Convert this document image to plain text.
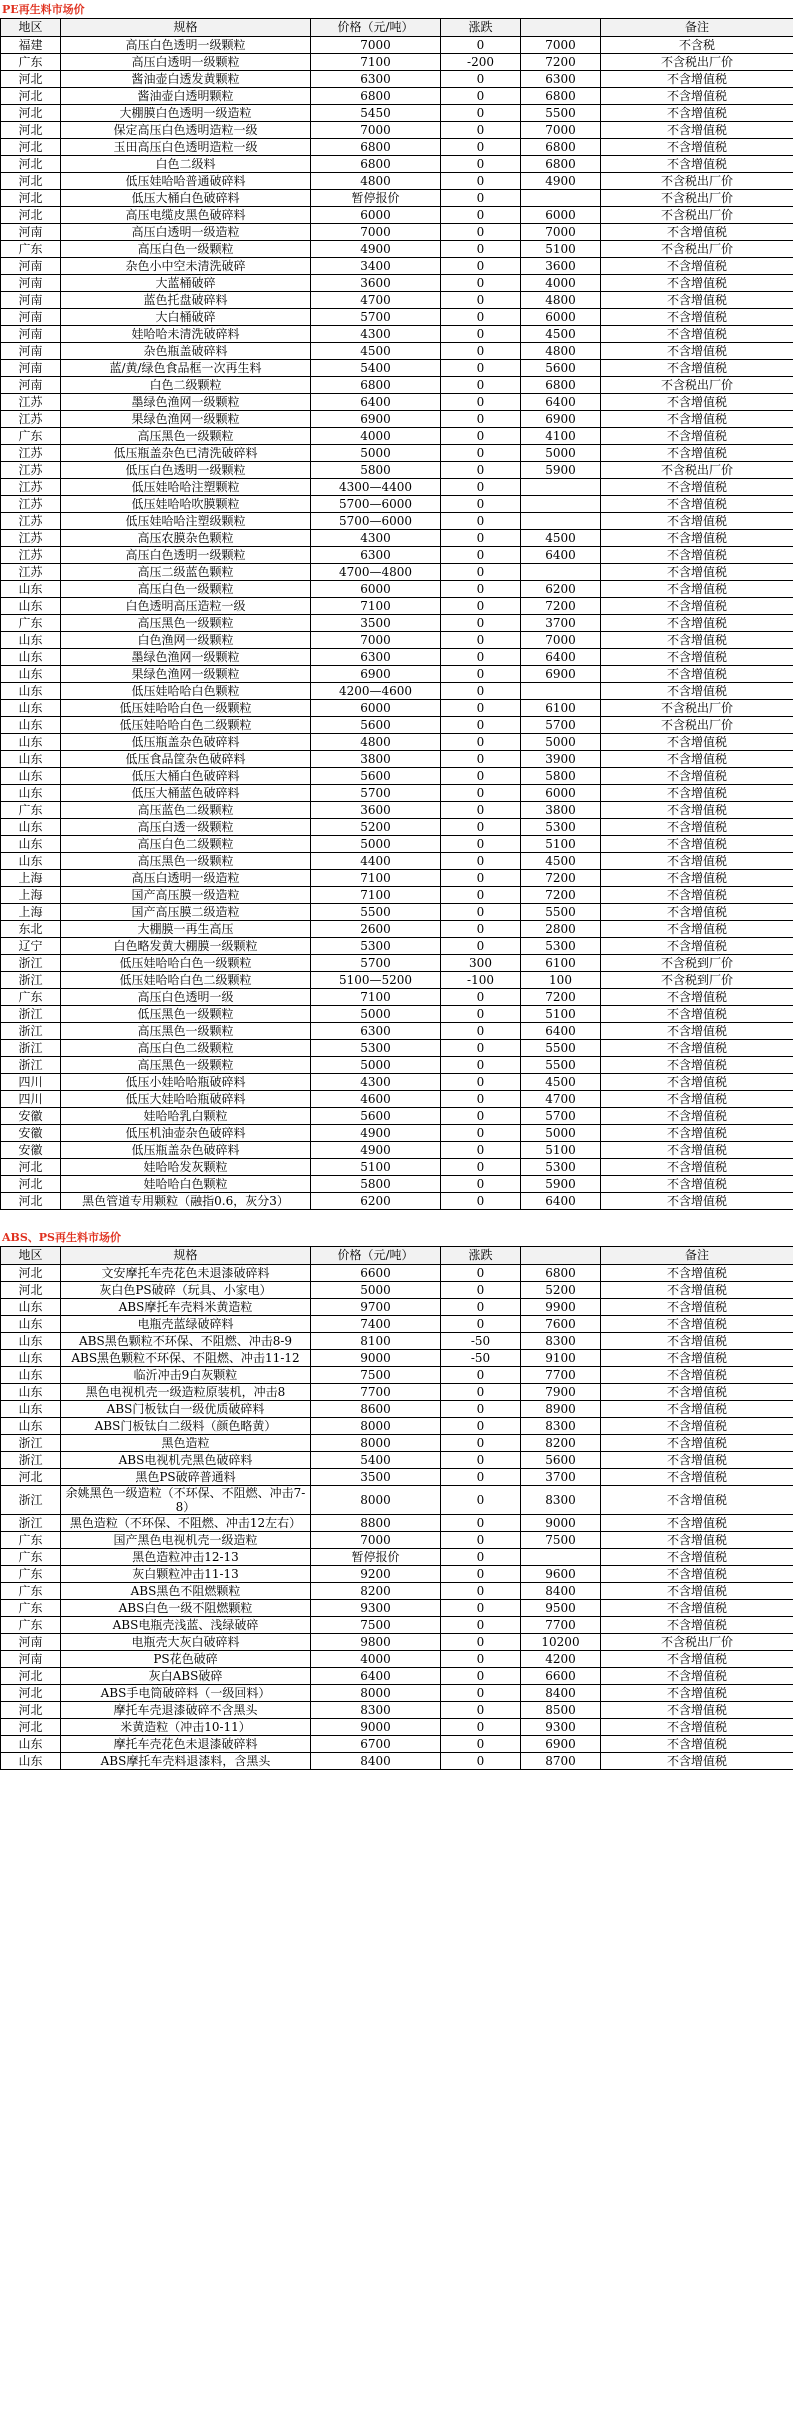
PE再生料市场价
地区	规格	价格（元/吨）	涨跌		备注
福建	高压白色透明一级颗粒	7000	0	7000	不含税
广东	高压白透明一级颗粒	7100	-200	7200	不含税出厂价
河北	酱油壶白透发黄颗粒	6300	0	6300	不含增值税
河北	酱油壶白透明颗粒	6800	0	6800	不含增值税
河北	大棚膜白色透明一级造粒	5450	0	5500	不含增值税
河北	保定高压白色透明造粒一级	7000	0	7000	不含增值税
河北	玉田高压白色透明造粒一级	6800	0	6800	不含增值税
河北	白色二级料	6800	0	6800	不含增值税
河北	低压娃哈哈普通破碎料	4800	0	4900	不含税出厂价
河北	低压大桶白色破碎料	暂停报价	0		不含税出厂价
河北	高压电缆皮黑色破碎料	6000	0	6000	不含税出厂价
河南	高压白透明一级造粒	7000	0	7000	不含增值税
广东	高压白色一级颗粒	4900	0	5100	不含税出厂价
河南	杂色小中空未清洗破碎	3400	0	3600	不含增值税
河南	大蓝桶破碎	3600	0	4000	不含增值税
河南	蓝色托盘破碎料	4700	0	4800	不含增值税
河南	大白桶破碎	5700	0	6000	不含增值税
河南	娃哈哈未清洗破碎料	4300	0	4500	不含增值税
河南	杂色瓶盖破碎料	4500	0	4800	不含增值税
河南	蓝/黄/绿色食品框一次再生料	5400	0	5600	不含增值税
河南	白色二级颗粒	6800	0	6800	不含税出厂价
江苏	墨绿色渔网一级颗粒	6400	0	6400	不含增值税
江苏	果绿色渔网一级颗粒	6900	0	6900	不含增值税
广东	高压黑色一级颗粒	4000	0	4100	不含增值税
江苏	低压瓶盖杂色已清洗破碎料	5000	0	5000	不含增值税
江苏	低压白色透明一级颗粒	5800	0	5900	不含税出厂价
江苏	低压娃哈哈注塑颗粒	4300—4400	0		不含增值税
江苏	低压娃哈哈吹膜颗粒	5700—6000	0		不含增值税
江苏	低压娃哈哈注塑级颗粒	5700—6000	0		不含增值税
江苏	高压农膜杂色颗粒	4300	0	4500	不含增值税
江苏	高压白色透明一级颗粒	6300	0	6400	不含增值税
江苏	高压二级蓝色颗粒	4700—4800	0		不含增值税
山东	高压白色一级颗粒	6000	0	6200	不含增值税
山东	白色透明高压造粒一级	7100	0	7200	不含增值税
广东	高压黑色一级颗粒	3500	0	3700	不含增值税
山东	白色渔网一级颗粒	7000	0	7000	不含增值税
山东	墨绿色渔网一级颗粒	6300	0	6400	不含增值税
山东	果绿色渔网一级颗粒	6900	0	6900	不含增值税
山东	低压娃哈哈白色颗粒	4200—4600	0		不含增值税
山东	低压娃哈哈白色一级颗粒	6000	0	6100	不含税出厂价
山东	低压娃哈哈白色二级颗粒	5600	0	5700	不含税出厂价
山东	低压瓶盖杂色破碎料	4800	0	5000	不含增值税
山东	低压食品筐杂色破碎料	3800	0	3900	不含增值税
山东	低压大桶白色破碎料	5600	0	5800	不含增值税
山东	低压大桶蓝色破碎料	5700	0	6000	不含增值税
广东	高压蓝色二级颗粒	3600	0	3800	不含增值税
山东	高压白透一级颗粒	5200	0	5300	不含增值税
山东	高压白色二级颗粒	5000	0	5100	不含增值税
山东	高压黑色一级颗粒	4400	0	4500	不含增值税
上海	高压白透明一级造粒	7100	0	7200	不含增值税
上海	国产高压膜一级造粒	7100	0	7200	不含增值税
上海	国产高压膜二级造粒	5500	0	5500	不含增值税
东北	大棚膜一再生高压	2600	0	2800	不含增值税
辽宁	白色略发黄大棚膜一级颗粒	5300	0	5300	不含增值税
浙江	低压娃哈哈白色一级颗粒	5700	300	6100	不含税到厂价
浙江	低压娃哈哈白色二级颗粒	5100—5200	-100	100	不含税到厂价
广东	高压白色透明一级	7100	0	7200	不含增值税
浙江	低压黑色一级颗粒	5000	0	5100	不含增值税
浙江	高压黑色一级颗粒	6300	0	6400	不含增值税
浙江	高压白色二级颗粒	5300	0	5500	不含增值税
浙江	高压黑色一级颗粒	5000	0	5500	不含增值税
四川	低压小娃哈哈瓶破碎料	4300	0	4500	不含增值税
四川	低压大娃哈哈瓶破碎料	4600	0	4700	不含增值税
安徽	娃哈哈乳白颗粒	5600	0	5700	不含增值税
安徽	低压机油壶杂色破碎料	4900	0	5000	不含增值税
安徽	低压瓶盖杂色破碎料	4900	0	5100	不含增值税
河北	娃哈哈发灰颗粒	5100	0	5300	不含增值税
河北	娃哈哈白色颗粒	5800	0	5900	不含增值税
河北	黑色管道专用颗粒（融指0.6，灰分3）	6200	0	6400	不含增值税
ABS、PS再生料市场价
地区	规格	价格（元/吨）	涨跌		备注
河北	文安摩托车壳花色未退漆破碎料	6600	0	6800	不含增值税
河北	灰白色PS破碎（玩具、小家电）	5000	0	5200	不含增值税
山东	ABS摩托车壳料米黄造粒	9700	0	9900	不含增值税
山东	电瓶壳蓝绿破碎料	7400	0	7600	不含增值税
山东	ABS黑色颗粒不环保、不阻燃、冲击8-9	8100	-50	8300	不含增值税
山东	ABS黑色颗粒不环保、不阻燃、冲击11-12	9000	-50	9100	不含增值税
山东	临沂冲击9白灰颗粒	7500	0	7700	不含增值税
山东	黑色电视机壳一级造粒原装机，冲击8	7700	0	7900	不含增值税
山东	ABS门板钛白一级优质破碎料	8600	0	8900	不含增值税
山东	ABS门板钛白二级料（颜色略黄）	8000	0	8300	不含增值税
浙江	黑色造粒	8000	0	8200	不含增值税
浙江	ABS电视机壳黑色破碎料	5400	0	5600	不含增值税
河北	黑色PS破碎普通料	3500	0	3700	不含增值税
浙江	余姚黑色一级造粒（不环保、不阻燃、冲击7-8）	8000	0	8300	不含增值税
浙江	黑色造粒（不环保、不阻燃、冲击12左右）	8800	0	9000	不含增值税
广东	国产黑色电视机壳一级造粒	7000	0	7500	不含增值税
广东	黑色造粒冲击12-13	暂停报价	0		不含增值税
广东	灰白颗粒冲击11-13	9200	0	9600	不含增值税
广东	ABS黑色不阻燃颗粒	8200	0	8400	不含增值税
广东	ABS白色一级不阻燃颗粒	9300	0	9500	不含增值税
广东	ABS电瓶壳浅蓝、浅绿破碎	7500	0	7700	不含增值税
河南	电瓶壳大灰白破碎料	9800	0	10200	不含税出厂价
河南	PS花色破碎	4000	0	4200	不含增值税
河北	灰白ABS破碎	6400	0	6600	不含增值税
河北	ABS手电筒破碎料（一级回料）	8000	0	8400	不含增值税
河北	摩托车壳退漆破碎不含黑头	8300	0	8500	不含增值税
河北	米黄造粒（冲击10-11）	9000	0	9300	不含增值税
山东	摩托车壳花色未退漆破碎料	6700	0	6900	不含增值税
山东	ABS摩托车壳料退漆料，含黑头	8400	0	8700	不含增值税
